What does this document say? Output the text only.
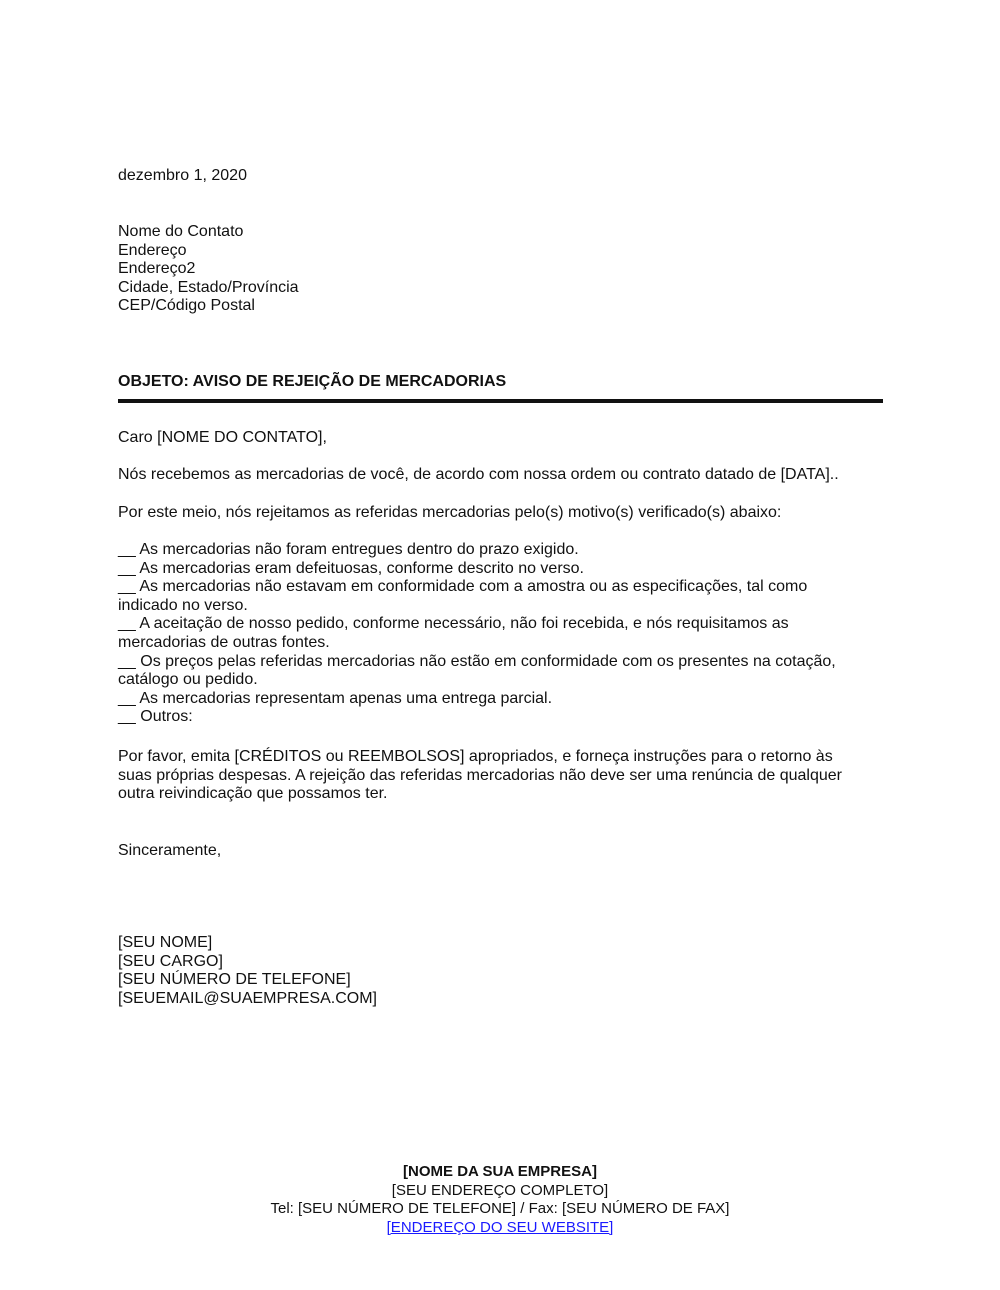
dezembro 1, 2020
Nome do Contato
Endereço
Endereço2
Cidade, Estado/Província
CEP/Código Postal
OBJETO: AVISO DE REJEIÇÃO DE MERCADORIAS
Caro [NOME DO CONTATO],
Nós recebemos as mercadorias de você, de acordo com nossa ordem ou contrato datado de [DATA]..
Por este meio, nós rejeitamos as referidas mercadorias pelo(s) motivo(s) verificado(s) abaixo:
__ As mercadorias não foram entregues dentro do prazo exigido.
__ As mercadorias eram defeituosas, conforme descrito no verso.
__ As mercadorias não estavam em conformidade com a amostra ou as especificações, tal como
indicado no verso.
__ A aceitação de nosso pedido, conforme necessário, não foi recebida, e nós requisitamos as
mercadorias de outras fontes.
__ Os preços pelas referidas mercadorias não estão em conformidade com os presentes na cotação,
catálogo ou pedido.
__ As mercadorias representam apenas uma entrega parcial.
__ Outros:
Por favor, emita [CRÉDITOS ou REEMBOLSOS] apropriados, e forneça instruções para o retorno às
suas próprias despesas. A rejeição das referidas mercadorias não deve ser uma renúncia de qualquer
outra reivindicação que possamos ter.
Sinceramente,
[SEU NOME]
[SEU CARGO]
[SEU NÚMERO DE TELEFONE]
[SEUEMAIL@SUAEMPRESA.COM]
[NOME DA SUA EMPRESA]
[SEU ENDEREÇO COMPLETO]
Tel: [SEU NÚMERO DE TELEFONE] / Fax: [SEU NÚMERO DE FAX]
[ENDEREÇO DO SEU WEBSITE]
